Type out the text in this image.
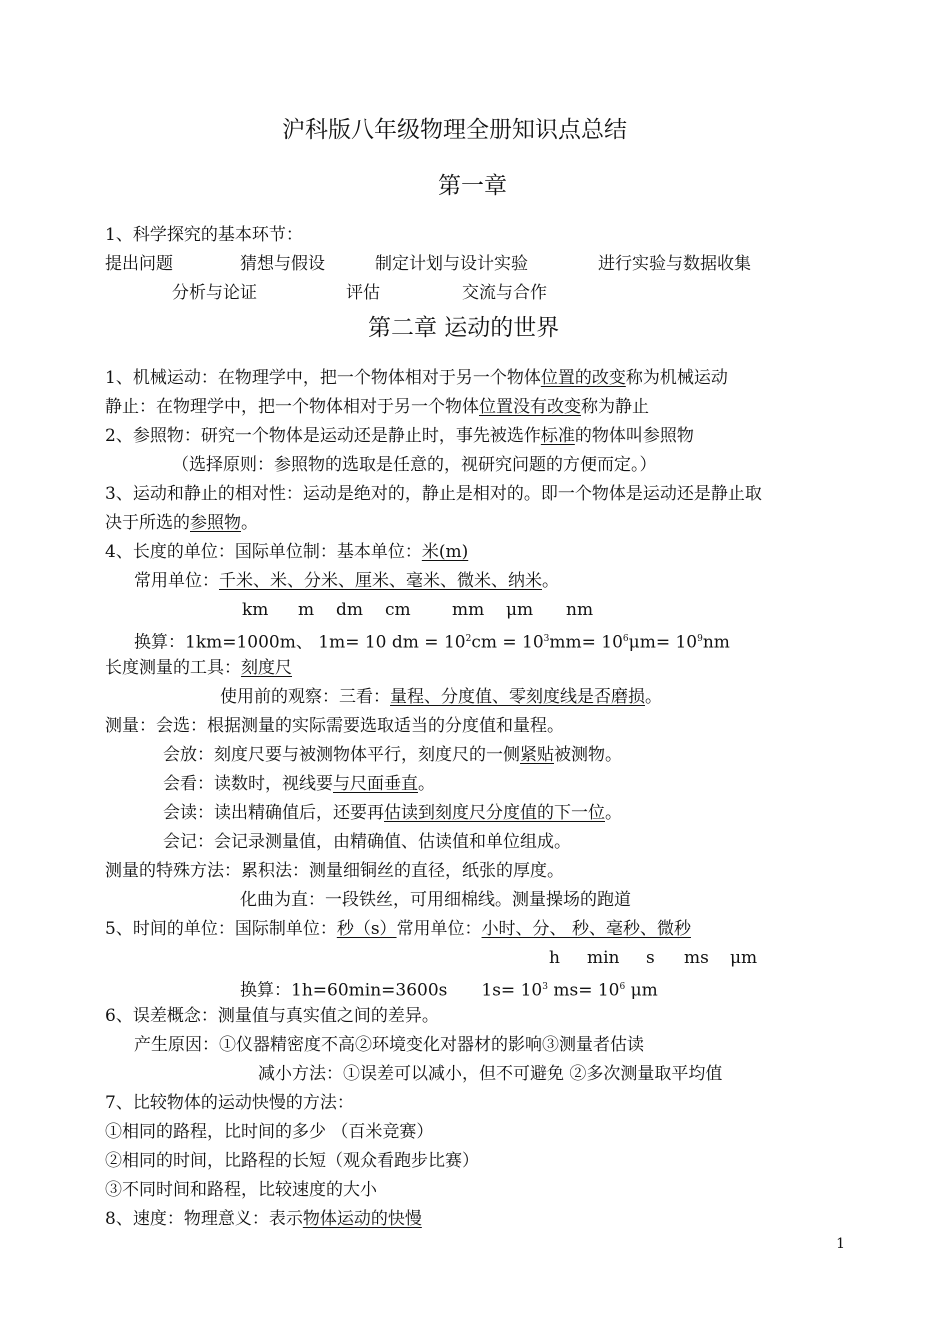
沪科版八年级物理全册知识点总结
第一章
1、科学探究的基本环节：
提出问题	猜想与假设	制定计划与设计实验	进行实验与数据收集
分析与论证	评估	交流与合作
第二章 运动的世界
1、机械运动：在物理学中，把一个物体相对于另一个物体位置的改变称为机械运动
静止：在物理学中，把一个物体相对于另一个物体位置没有改变称为静止
2、参照物：研究一个物体是运动还是静止时，事先被选作标准的物体叫参照物
（选择原则：参照物的选取是任意的，视研究问题的方便而定。）
3、运动和静止的相对性：运动是绝对的，静止是相对的。即一个物体是运动还是静止取
决于所选的参照物。
4、长度的单位：国际单位制：基本单位：米(m)
常用单位：千米、米、分米、厘米、毫米、微米、纳米。
km m dm cm mm μm nm
换算：1km=1000m、 1m= 10 dm = $10^2cm = 10^3mm= 10^6\mu m= 10^9nm$
长度测量的工具：刻度尺
使用前的观察：三看：量程、分度值、零刻度线是否磨损。
测量：会选：根据测量的实际需要选取适当的分度值和量程。
会放：刻度尺要与被测物体平行，刻度尺的一侧紧贴被测物。
会看：读数时，视线要与尺面垂直。
会读：读出精确值后，还要再估读到刻度尺分度值的下一位。
会记：会记录测量值，由精确值、估读值和单位组成。
测量的特殊方法：累积法：测量细铜丝的直径，纸张的厚度。
化曲为直：一段铁丝，可用细棉线。测量操场的跑道
5、时间的单位：国际制单位：秒（s）常用单位：小时、分、 秒、毫秒、微秒
h min s ms μm
换算：1h=60min=3600s $1s= 10^3$ $ms= 10^6$ μm
6、误差概念：测量值与真实值之间的差异。
产生原因：①仪器精密度不高②环境变化对器材的影响③测量者估读
减小方法：①误差可以减小，但不可避免 ②多次测量取平均值
7、比较物体的运动快慢的方法：
①相同的路程，比时间的多少 （百米竞赛）
②相同的时间，比路程的长短（观众看跑步比赛）
③不同时间和路程，比较速度的大小
8、速度：物理意义：表示物体运动的快慢
1
